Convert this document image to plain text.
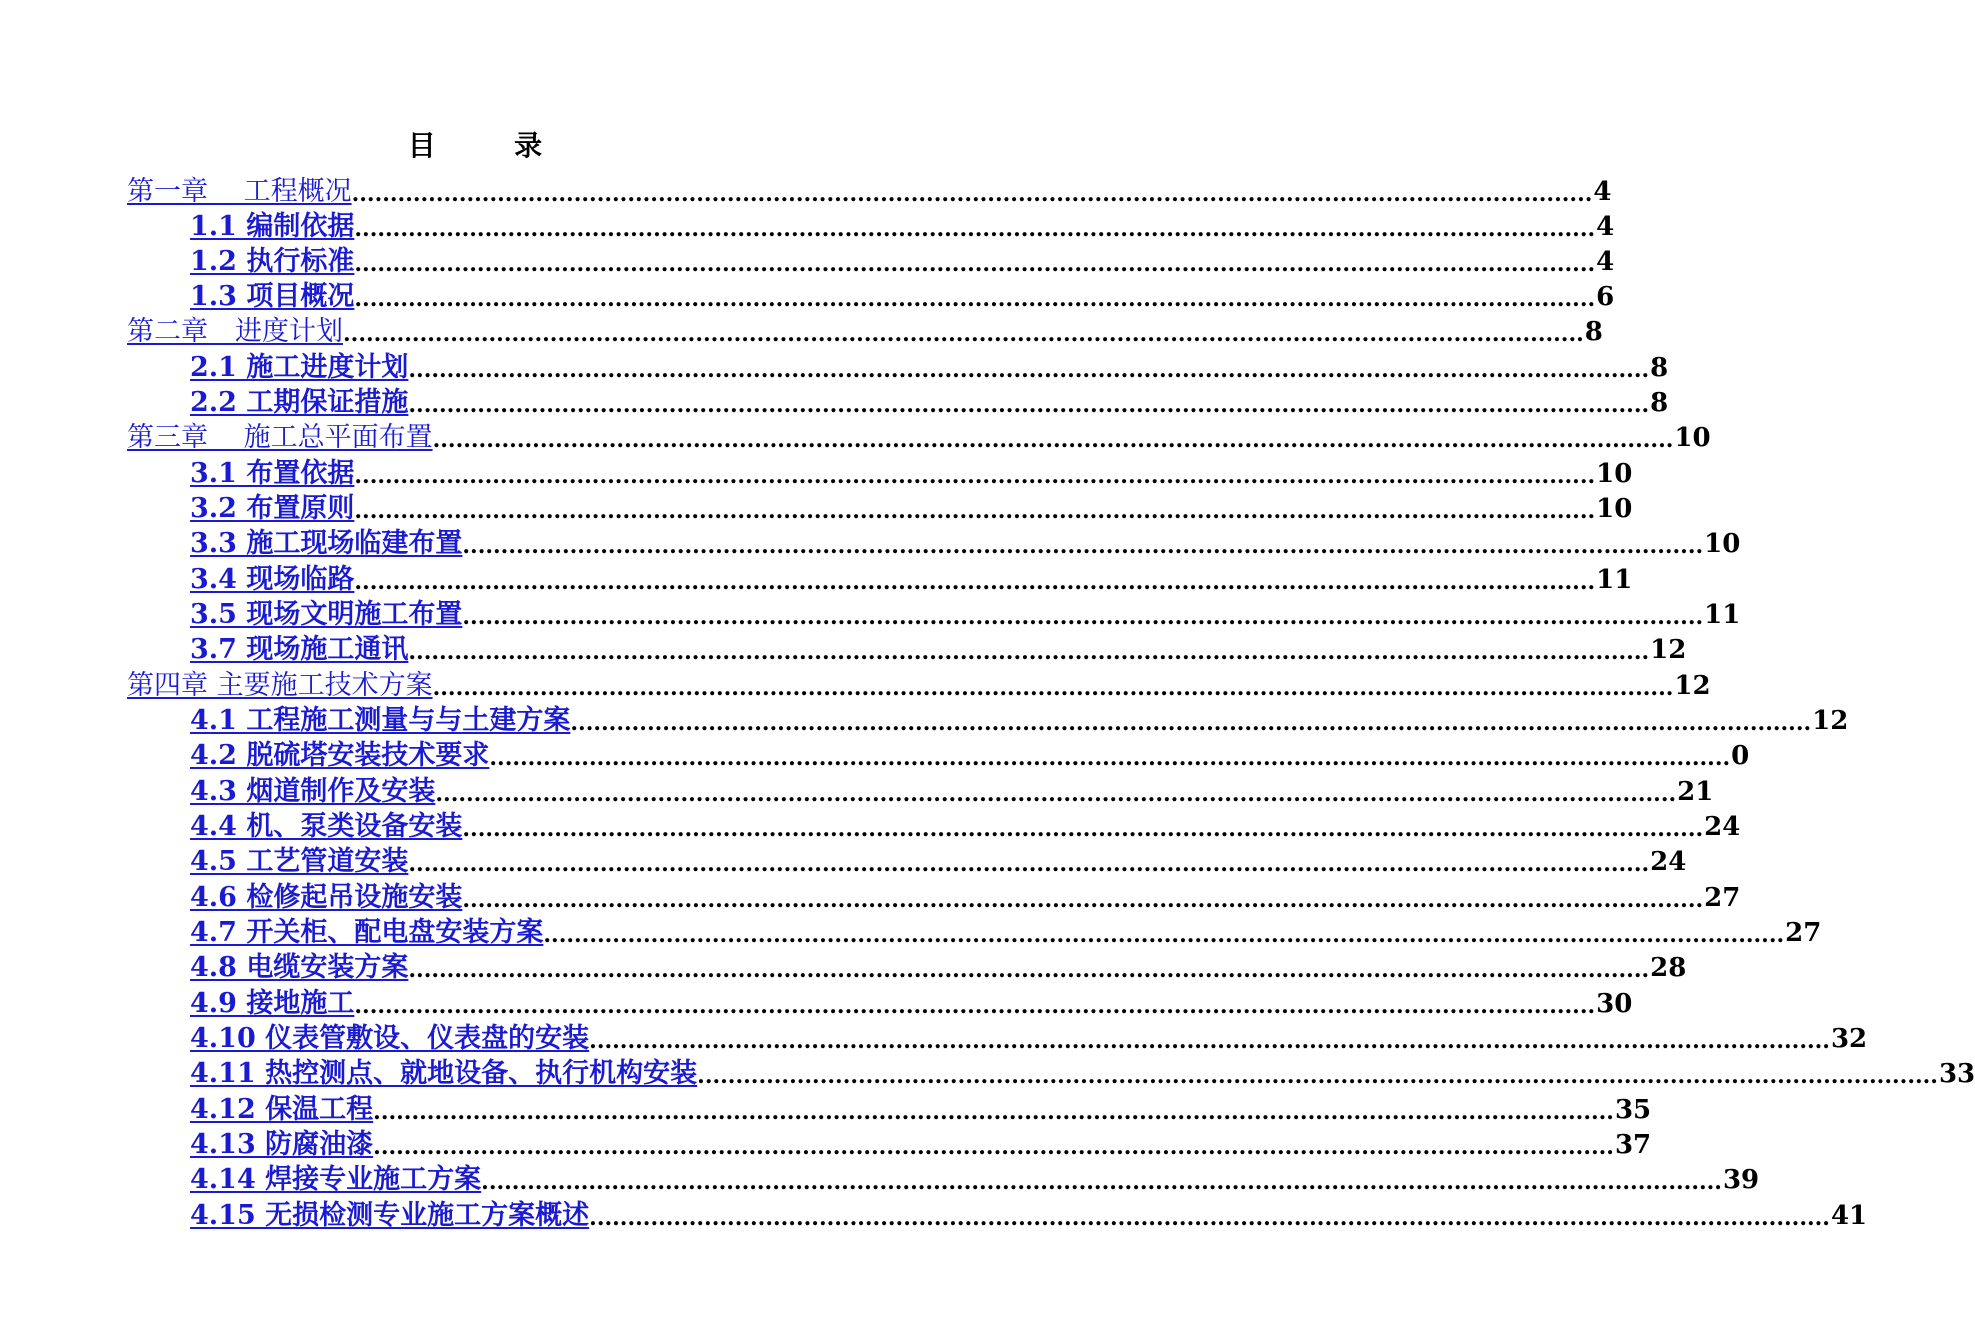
目　录
第一章　 工程概况 .................................................................................................................................................................. 4
1.1 编制依据 .................................................................................................................................................................. 4
1.2 执行标准 .................................................................................................................................................................. 4
1.3 项目概况 .................................................................................................................................................................. 6
第二章　进度计划 .................................................................................................................................................................. 8
2.1 施工进度计划 .................................................................................................................................................................. 8
2.2 工期保证措施 .................................................................................................................................................................. 8
第三章　 施工总平面布置 .................................................................................................................................................................. 10
3.1 布置依据 .................................................................................................................................................................. 10
3.2 布置原则 .................................................................................................................................................................. 10
3.3 施工现场临建布置 .................................................................................................................................................................. 10
3.4 现场临路 .................................................................................................................................................................. 11
3.5 现场文明施工布置 .................................................................................................................................................................. 11
3.7 现场施工通讯 .................................................................................................................................................................. 12
第四章 主要施工技术方案 .................................................................................................................................................................. 12
4.1 工程施工测量与与土建方案 .................................................................................................................................................................. 12
4.2 脱硫塔安装技术要求 .................................................................................................................................................................. 0
4.3 烟道制作及安装 .................................................................................................................................................................. 21
4.4 机、泵类设备安装 .................................................................................................................................................................. 24
4.5 工艺管道安装 .................................................................................................................................................................. 24
4.6 检修起吊设施安装 .................................................................................................................................................................. 27
4.7 开关柜、配电盘安装方案 .................................................................................................................................................................. 27
4.8 电缆安装方案 .................................................................................................................................................................. 28
4.9 接地施工 .................................................................................................................................................................. 30
4.10 仪表管敷设、仪表盘的安装 .................................................................................................................................................................. 32
4.11 热控测点、就地设备、执行机构安装 .................................................................................................................................................................. 33
4.12 保温工程 .................................................................................................................................................................. 35
4.13 防腐油漆 .................................................................................................................................................................. 37
4.14 焊接专业施工方案 .................................................................................................................................................................. 39
4.15 无损检测专业施工方案概述 .................................................................................................................................................................. 41
